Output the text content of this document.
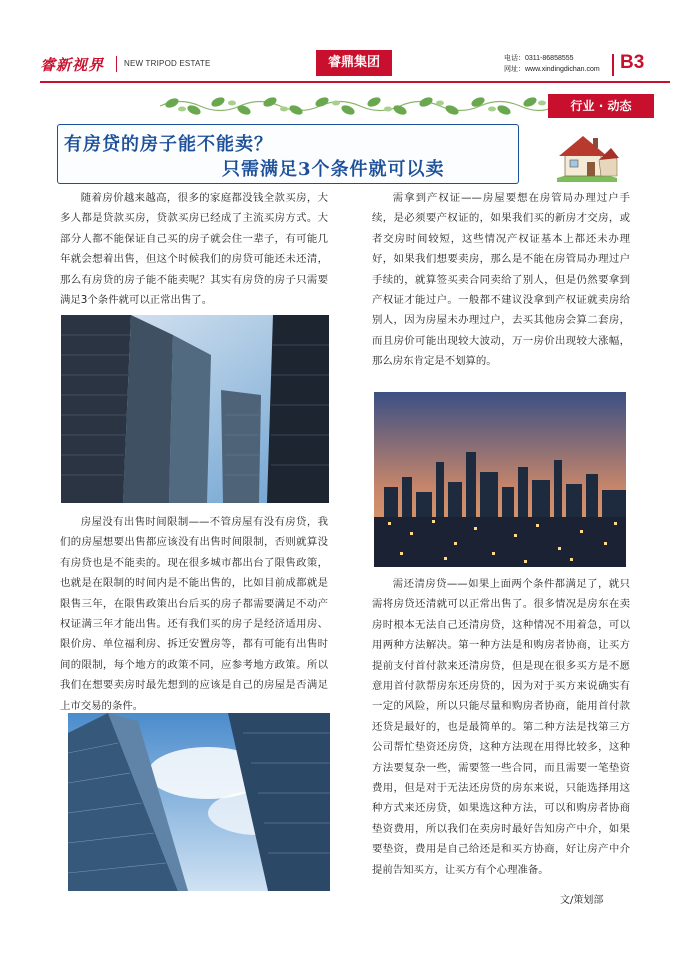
睿新视界 NEW TRIPOD ESTATE	睿鼎集团	电话：0311-86858555
网址：www.xindingdichan.com B3
行业 · 动态
有房贷的房子能不能卖？
只需满足3个条件就可以卖

随着房价越来越高，很多的家庭都没钱全款买房，大多人都是贷款买房，贷款买房已经成了主流买房方式。大部分人都不能保证自己买的房子就会住一辈子，有可能几年就会想着出售，但这个时候我们的房贷可能还未还清，那么有房贷的房子能不能卖呢？其实有房贷的房子只需要满足3个条件就可以正常出售了。

房屋没有出售时间限制——不管房屋有没有房贷，我们的房屋想要出售都应该没有出售时间限制，否则就算没有房贷也是不能卖的。现在很多城市都出台了限售政策，也就是在限制的时间内是不能出售的，比如目前成都就是限售三年，在限售政策出台后买的房子都需要满足不动产权证满三年才能出售。还有我们买的房子是经济适用房、限价房、单位福利房、拆迁安置房等，都有可能有出售时间的限制，每个地方的政策不同，应参考地方政策。所以我们在想要卖房时最先想到的应该是自己的房屋是否满足上市交易的条件。

需拿到产权证——房屋要想在房管局办理过户手续，是必须要产权证的，如果我们买的新房才交房，或者交房时间较短，这些情况产权证基本上都还未办理好，如果我们想要卖房，那么是不能在房管局办理过户手续的，就算签买卖合同卖给了别人，但是仍然要拿到产权证才能过户。一般都不建议没拿到产权证就卖房给别人，因为房屋未办理过户，去买其他房会算二套房，而且房价可能出现较大波动，万一房价出现较大涨幅，那么房东肯定是不划算的。

需还清房贷——如果上面两个条件都满足了，就只需将房贷还清就可以正常出售了。很多情况是房东在卖房时根本无法自己还清房贷，这种情况不用着急，可以用两种方法解决。第一种方法是和购房者协商，让买方提前支付首付款来还清房贷，但是现在很多买方是不愿意用首付款帮房东还房贷的，因为对于买方来说确实有一定的风险，所以只能尽量和购房者协商，能用首付款还贷是最好的，也是最简单的。第二种方法是找第三方公司帮忙垫资还房贷，这种方法现在用得比较多，这种方法要复杂一些，需要签一些合同，而且需要一笔垫资费用，但是对于无法还房贷的房东来说，只能选择用这种方式来还房贷，如果选这种方法，可以和购房者协商垫资费用，所以我们在卖房时最好告知房产中介，如果要垫资，费用是自己给还是和买方协商，好让房产中介提前告知买方，让买方有个心理准备。

文/策划部
